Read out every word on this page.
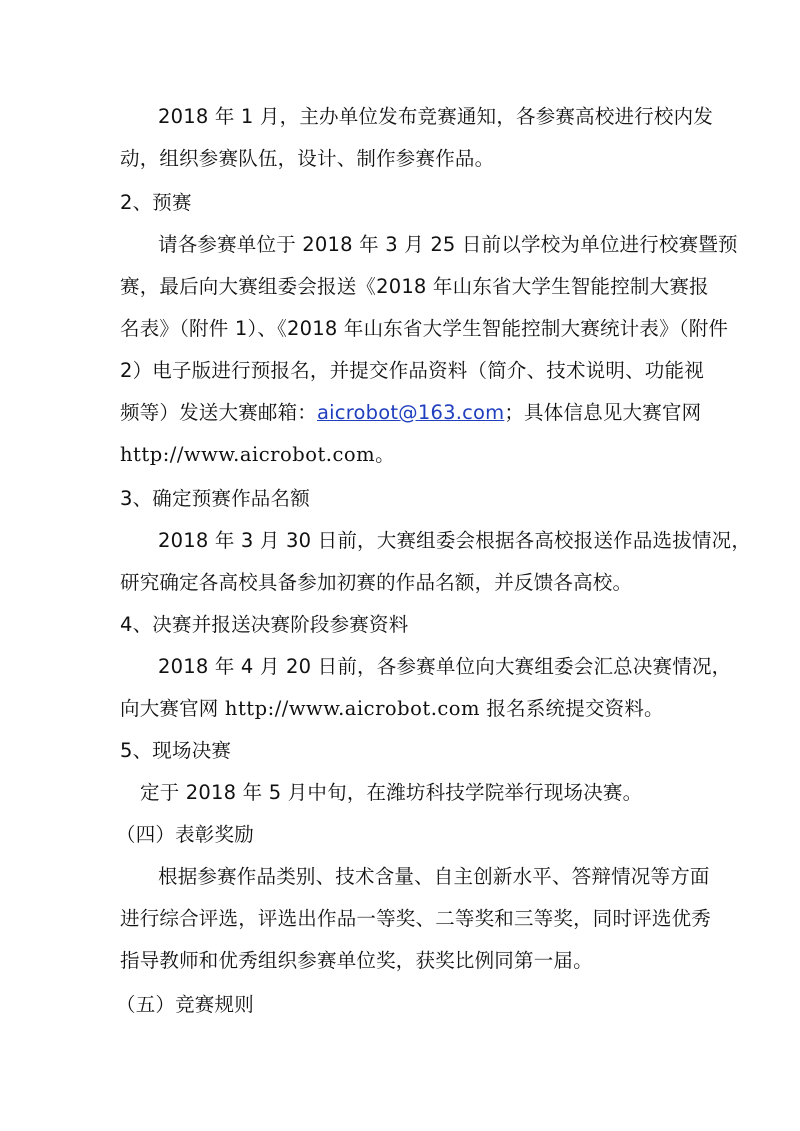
2018 年 1 月，主办单位发布竞赛通知，各参赛高校进行校内发
动，组织参赛队伍，设计、制作参赛作品。
2、预赛
请各参赛单位于 2018 年 3 月 25 日前以学校为单位进行校赛暨预
赛，最后向大赛组委会报送《2018 年山东省大学生智能控制大赛报
名表》（附件 1）、《2018 年山东省大学生智能控制大赛统计表》（附件
2）电子版进行预报名，并提交作品资料（简介、技术说明、功能视
频等）发送大赛邮箱：aicrobot@163.com；具体信息见大赛官网
http://www.aicrobot.com。
3、确定预赛作品名额
2018 年 3 月 30 日前，大赛组委会根据各高校报送作品选拔情况，
研究确定各高校具备参加初赛的作品名额，并反馈各高校。
4、决赛并报送决赛阶段参赛资料
2018 年 4 月 20 日前，各参赛单位向大赛组委会汇总决赛情况，
向大赛官网 http://www.aicrobot.com 报名系统提交资料。
5、现场决赛
定于 2018 年 5 月中旬，在潍坊科技学院举行现场决赛。
（四）表彰奖励
根据参赛作品类别、技术含量、自主创新水平、答辩情况等方面
进行综合评选，评选出作品一等奖、二等奖和三等奖，同时评选优秀
指导教师和优秀组织参赛单位奖，获奖比例同第一届。
（五）竞赛规则
